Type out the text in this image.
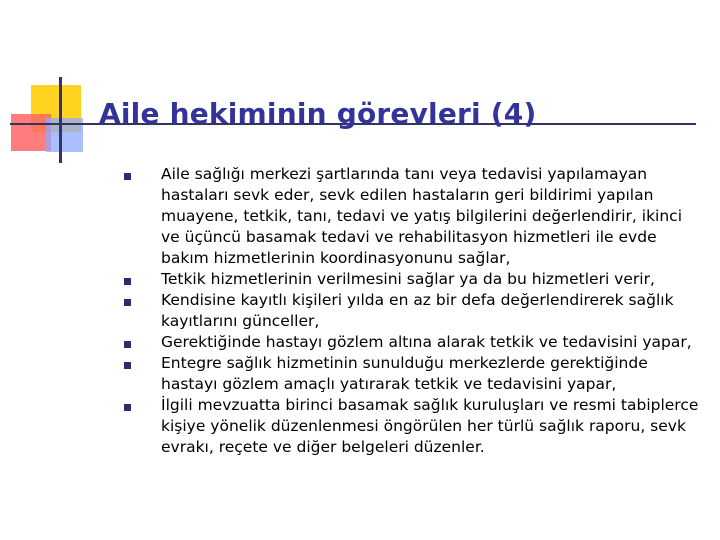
Aile hekiminin görevleri (4)
Aile sağlığı merkezi şartlarında tanı veya tedavisi yapılamayan hastaları sevk eder, sevk edilen hastaların geri bildirimi yapılan muayene, tetkik, tanı, tedavi ve yatış bilgilerini değerlendirir, ikinci ve üçüncü basamak tedavi ve rehabilitasyon hizmetleri ile evde bakım hizmetlerinin koordinasyonunu sağlar,
Tetkik hizmetlerinin verilmesini sağlar ya da bu hizmetleri verir,
Kendisine kayıtlı kişileri yılda en az bir defa değerlendirerek sağlık kayıtlarını günceller,
Gerektiğinde hastayı gözlem altına alarak tetkik ve tedavisini yapar,
Entegre sağlık hizmetinin sunulduğu merkezlerde gerektiğinde hastayı gözlem amaçlı yatırarak tetkik ve tedavisini yapar,
İlgili mevzuatta birinci basamak sağlık kuruluşları ve resmi tabiplerce kişiye yönelik düzenlenmesi öngörülen her türlü sağlık raporu, sevk evrakı, reçete ve diğer belgeleri düzenler.
